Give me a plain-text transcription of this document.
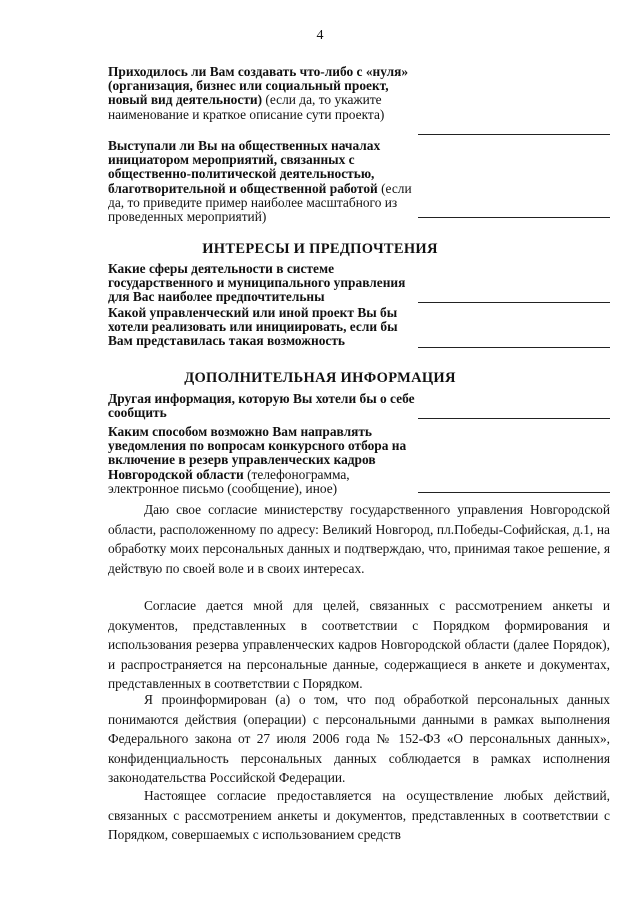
4
Приходилось ли Вам создавать что-либо с «нуля» (организация, бизнес или социальный проект, новый вид деятельности) (если да, то укажите наименование и краткое описание сути проекта)
Выступали ли Вы на общественных началах инициатором мероприятий, связанных с общественно-политической деятельностью, благотворительной и общественной работой (если да, то приведите пример наиболее масштабного из проведенных мероприятий)
ИНТЕРЕСЫ И ПРЕДПОЧТЕНИЯ
Какие сферы деятельности в системе государственного и муниципального управления для Вас наиболее предпочтительны
Какой управленческий или иной проект Вы бы хотели реализовать или инициировать, если бы Вам представилась такая возможность
ДОПОЛНИТЕЛЬНАЯ ИНФОРМАЦИЯ
Другая информация, которую Вы хотели бы о себе сообщить
Каким способом возможно Вам направлять уведомления по вопросам конкурсного отбора на включение в резерв управленческих кадров Новгородской области (телефонограмма, электронное письмо (сообщение), иное)

Даю свое согласие министерству государственного управления Новгородской области, расположенному по адресу: Великий Новгород, пл.Победы-Софийская, д.1, на обработку моих персональных данных и подтверждаю, что, принимая такое решение, я действую по своей воле и в своих интересах.

Согласие дается мной для целей, связанных с рассмотрением анкеты и документов, представленных в соответствии с Порядком формирования и использования резерва управленческих кадров Новгородской области (далее Порядок), и распространяется на персональные данные, содержащиеся в анкете и документах, представленных в соответствии с Порядком.

Я проинформирован (а) о том, что под обработкой персональных данных понимаются действия (операции) с персональными данными в рамках выполнения Федерального закона от 27 июля 2006 года № 152-ФЗ «О персональных данных», конфиденциальность персональных данных соблюдается в рамках исполнения законодательства Российской Федерации.

Настоящее согласие предоставляется на осуществление любых действий, связанных с рассмотрением анкеты и документов, представленных в соответствии с Порядком, совершаемых с использованием средств
